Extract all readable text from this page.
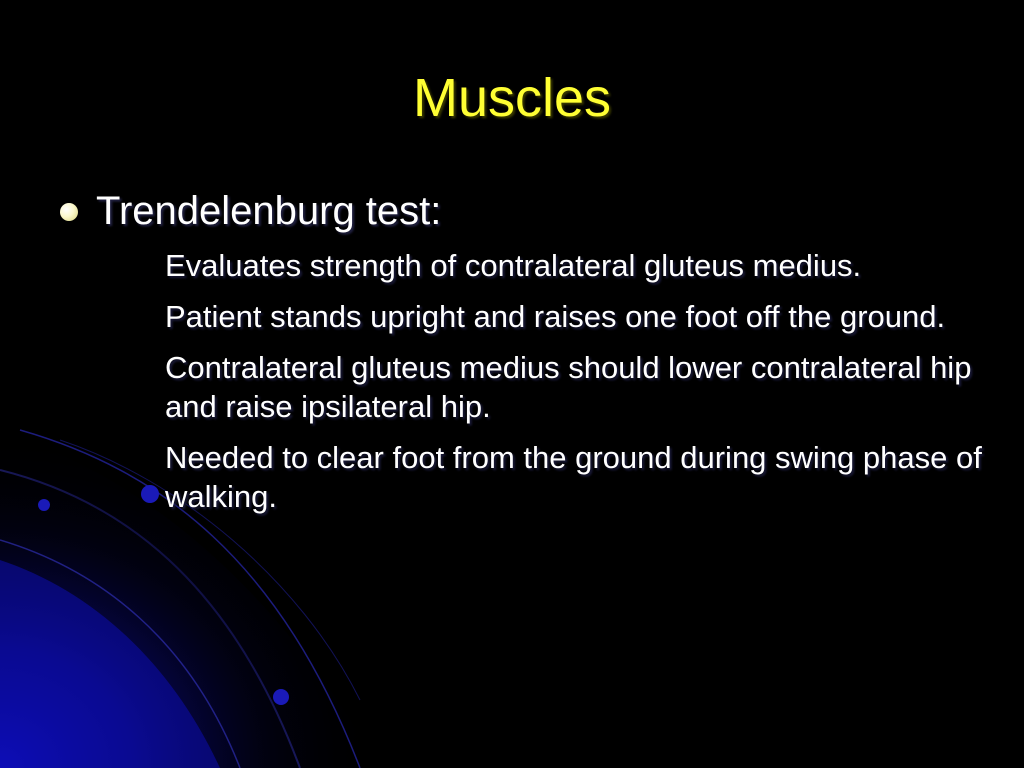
Muscles
Trendelenburg test:
Evaluates strength of contralateral gluteus medius.
Patient stands upright and raises one foot off the ground.
Contralateral gluteus medius should lower contralateral hip and raise ipsilateral hip.
Needed to clear foot from the ground during swing phase of walking.
